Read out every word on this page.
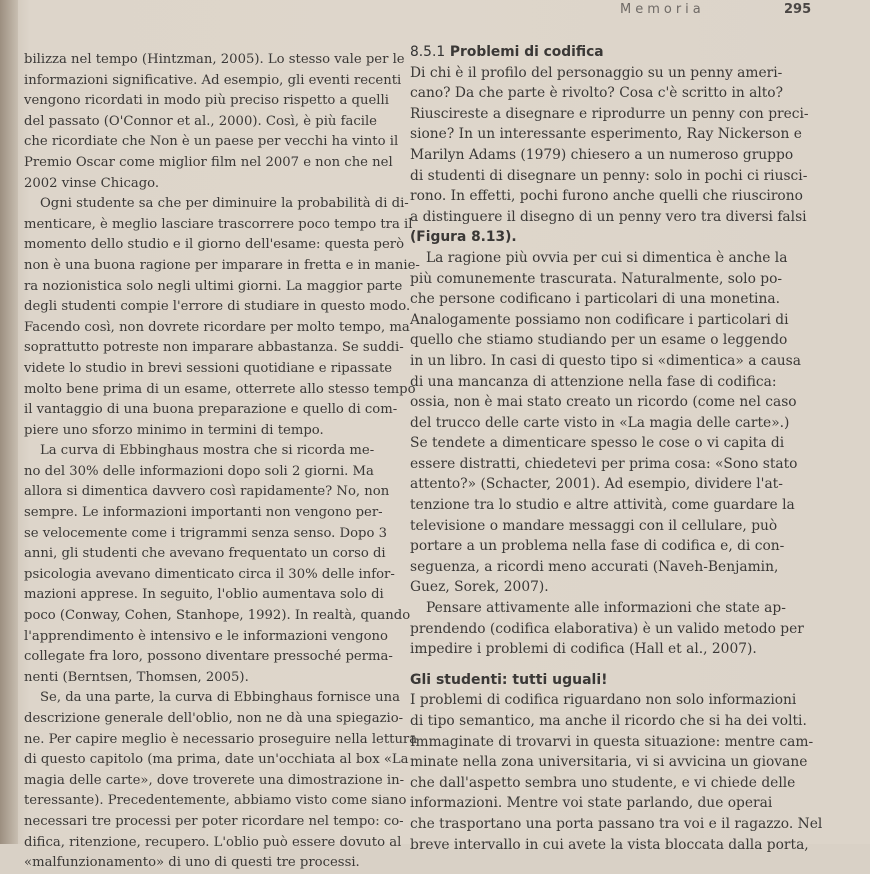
Memoria	295
bilizza nel tempo (Hintzman, 2005). Lo stesso vale per le
informazioni significative. Ad esempio, gli eventi recenti
vengono ricordati in modo più preciso rispetto a quelli
del passato (O'Connor et al., 2000). Così, è più facile
che ricordiate che Non è un paese per vecchi ha vinto il
Premio Oscar come miglior film nel 2007 e non che nel
2002 vinse Chicago.
Ogni studente sa che per diminuire la probabilità di di-
menticare, è meglio lasciare trascorrere poco tempo tra il
momento dello studio e il giorno dell'esame: questa però
non è una buona ragione per imparare in fretta e in manie-
ra nozionistica solo negli ultimi giorni. La maggior parte
degli studenti compie l'errore di studiare in questo modo.
Facendo così, non dovrete ricordare per molto tempo, ma
soprattutto potreste non imparare abbastanza. Se suddi-
videte lo studio in brevi sessioni quotidiane e ripassate
molto bene prima di un esame, otterrete allo stesso tempo
il vantaggio di una buona preparazione e quello di com-
piere uno sforzo minimo in termini di tempo.
La curva di Ebbinghaus mostra che si ricorda me-
no del 30% delle informazioni dopo soli 2 giorni. Ma
allora si dimentica davvero così rapidamente? No, non
sempre. Le informazioni importanti non vengono per-
se velocemente come i trigrammi senza senso. Dopo 3
anni, gli studenti che avevano frequentato un corso di
psicologia avevano dimenticato circa il 30% delle infor-
mazioni apprese. In seguito, l'oblio aumentava solo di
poco (Conway, Cohen, Stanhope, 1992). In realtà, quando
l'apprendimento è intensivo e le informazioni vengono
collegate fra loro, possono diventare pressoché perma-
nenti (Berntsen, Thomsen, 2005).
Se, da una parte, la curva di Ebbinghaus fornisce una
descrizione generale dell'oblio, non ne dà una spiegazio-
ne. Per capire meglio è necessario proseguire nella lettura
di questo capitolo (ma prima, date un'occhiata al box «La
magia delle carte», dove troverete una dimostrazione in-
teressante). Precedentemente, abbiamo visto come siano
necessari tre processi per poter ricordare nel tempo: co-
difica, ritenzione, recupero. L'oblio può essere dovuto al
«malfunzionamento» di uno di questi tre processi.
8.5.1 Problemi di codifica
Di chi è il profilo del personaggio su un penny ameri-
cano? Da che parte è rivolto? Cosa c'è scritto in alto?
Riuscireste a disegnare e riprodurre un penny con preci-
sione? In un interessante esperimento, Ray Nickerson e
Marilyn Adams (1979) chiesero a un numeroso gruppo
di studenti di disegnare un penny: solo in pochi ci riusci-
rono. In effetti, pochi furono anche quelli che riuscirono
a distinguere il disegno di un penny vero tra diversi falsi
(Figura 8.13).
La ragione più ovvia per cui si dimentica è anche la
più comunemente trascurata. Naturalmente, solo po-
che persone codificano i particolari di una monetina.
Analogamente possiamo non codificare i particolari di
quello che stiamo studiando per un esame o leggendo
in un libro. In casi di questo tipo si «dimentica» a causa
di una mancanza di attenzione nella fase di codifica:
ossia, non è mai stato creato un ricordo (come nel caso
del trucco delle carte visto in «La magia delle carte».)
Se tendete a dimenticare spesso le cose o vi capita di
essere distratti, chiedetevi per prima cosa: «Sono stato
attento?» (Schacter, 2001). Ad esempio, dividere l'at-
tenzione tra lo studio e altre attività, come guardare la
televisione o mandare messaggi con il cellulare, può
portare a un problema nella fase di codifica e, di con-
seguenza, a ricordi meno accurati (Naveh-Benjamin,
Guez, Sorek, 2007).
Pensare attivamente alle informazioni che state ap-
prendendo (codifica elaborativa) è un valido metodo per
impedire i problemi di codifica (Hall et al., 2007).
Gli studenti: tutti uguali!
I problemi di codifica riguardano non solo informazioni
di tipo semantico, ma anche il ricordo che si ha dei volti.
Immaginate di trovarvi in questa situazione: mentre cam-
minate nella zona universitaria, vi si avvicina un giovane
che dall'aspetto sembra uno studente, e vi chiede delle
informazioni. Mentre voi state parlando, due operai
che trasportano una porta passano tra voi e il ragazzo. Nel
breve intervallo in cui avete la vista bloccata dalla porta,
